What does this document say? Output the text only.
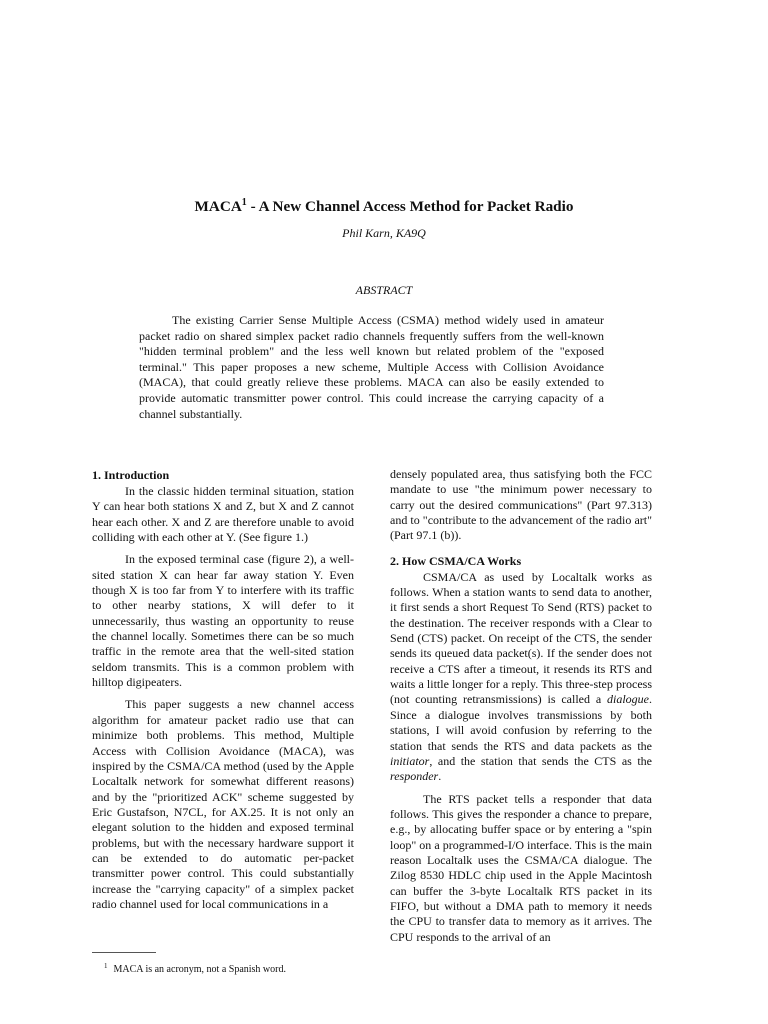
MACA$^1$ - A New Channel Access Method for Packet Radio
Phil Karn, KA9Q
ABSTRACT

The existing Carrier Sense Multiple Access (CSMA) method widely used in amateur packet radio on shared simplex packet radio channels frequently suffers from the well-known "hidden terminal problem" and the less well known but related problem of the "exposed terminal." This paper proposes a new scheme, Multiple Access with Collision Avoidance (MACA), that could greatly relieve these problems. MACA can also be easily extended to provide automatic transmitter power control. This could increase the carrying capacity of a channel substantially.

1. Introduction

In the classic hidden terminal situation, station Y can hear both stations X and Z, but X and Z cannot hear each other. X and Z are therefore unable to avoid colliding with each other at Y. (See figure 1.)

In the exposed terminal case (figure 2), a well-sited station X can hear far away station Y. Even though X is too far from Y to interfere with its traffic to other nearby stations, X will defer to it unnecessarily, thus wasting an opportunity to reuse the channel locally. Sometimes there can be so much traffic in the remote area that the well-sited station seldom transmits. This is a common problem with hilltop digipeaters.

This paper suggests a new channel access algorithm for amateur packet radio use that can minimize both problems. This method, Multiple Access with Collision Avoidance (MACA), was inspired by the CSMA/CA method (used by the Apple Localtalk network for somewhat different reasons) and by the "prioritized ACK" scheme suggested by Eric Gustafson, N7CL, for AX.25. It is not only an elegant solution to the hidden and exposed terminal problems, but with the necessary hardware support it can be extended to do automatic per-packet transmitter power control. This could substantially increase the "carrying capacity" of a simplex packet radio channel used for local communications in a

densely populated area, thus satisfying both the FCC mandate to use "the minimum power necessary to carry out the desired communications" (Part 97.313) and to "contribute to the advancement of the radio art" (Part 97.1 (b)).

2. How CSMA/CA Works

CSMA/CA as used by Localtalk works as follows. When a station wants to send data to another, it first sends a short Request To Send (RTS) packet to the destination. The receiver responds with a Clear to Send (CTS) packet. On receipt of the CTS, the sender sends its queued data packet(s). If the sender does not receive a CTS after a timeout, it resends its RTS and waits a little longer for a reply. This three-step process (not counting retransmissions) is called a dialogue. Since a dialogue involves transmissions by both stations, I will avoid confusion by referring to the station that sends the RTS and data packets as the initiator, and the station that sends the CTS as the responder.

The RTS packet tells a responder that data follows. This gives the responder a chance to prepare, e.g., by allocating buffer space or by entering a "spin loop" on a programmed-I/O interface. This is the main reason Localtalk uses the CSMA/CA dialogue. The Zilog 8530 HDLC chip used in the Apple Macintosh can buffer the 3-byte Localtalk RTS packet in its FIFO, but without a DMA path to memory it needs the CPU to transfer data to memory as it arrives. The CPU responds to the arrival of an

$^1$ MACA is an acronym, not a Spanish word.
